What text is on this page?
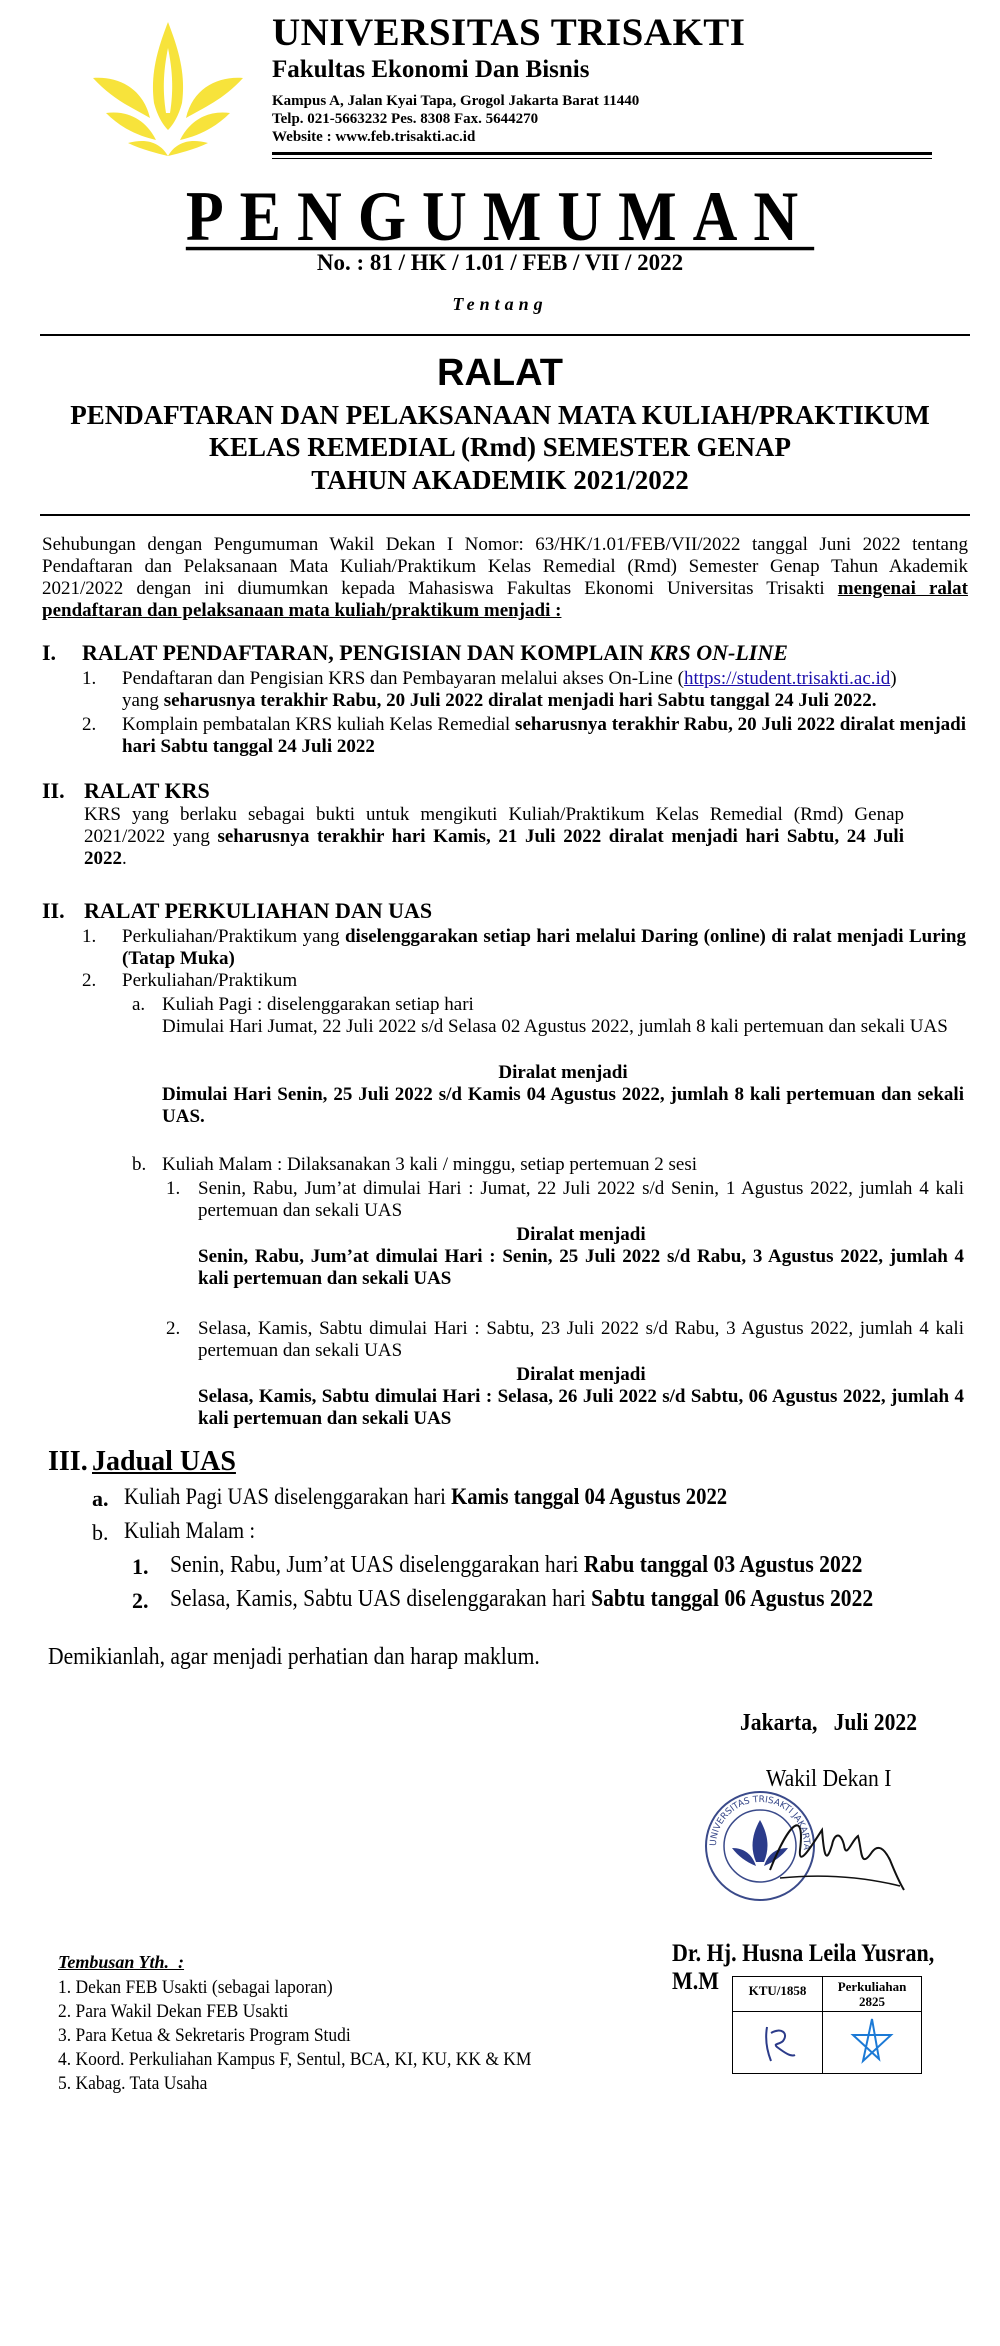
UNIVERSITAS TRISAKTI
Fakultas Ekonomi Dan Bisnis
Kampus A, Jalan Kyai Tapa, Grogol Jakarta Barat 11440
Telp. 021-5663232 Pes. 8308 Fax. 5644270
Website : www.feb.trisakti.ac.id
PENGUMUMAN
No. : 81 / HK / 1.01 / FEB / VII / 2022
Tentang
RALAT
PENDAFTARAN DAN PELAKSANAAN MATA KULIAH/PRAKTIKUM
KELAS REMEDIAL (Rmd) SEMESTER GENAP
TAHUN AKADEMIK 2021/2022
Sehubungan dengan Pengumuman Wakil Dekan I Nomor: 63/HK/1.01/FEB/VII/2022 tanggal Juni 2022 tentang Pendaftaran dan Pelaksanaan Mata Kuliah/Praktikum Kelas Remedial (Rmd) Semester Genap Tahun Akademik 2021/2022 dengan ini diumumkan kepada Mahasiswa Fakultas Ekonomi Universitas Trisakti mengenai ralat pendaftaran dan pelaksanaan mata kuliah/praktikum menjadi :
I. RALAT PENDAFTARAN, PENGISIAN DAN KOMPLAIN KRS ON-LINE
1. Pendaftaran dan Pengisian KRS dan Pembayaran melalui akses On-Line (https://student.trisakti.ac.id)
yang seharusnya terakhir Rabu, 20 Juli 2022 diralat menjadi hari Sabtu tanggal 24 Juli 2022.
2. Komplain pembatalan KRS kuliah Kelas Remedial seharusnya terakhir Rabu, 20 Juli 2022 diralat menjadi hari Sabtu tanggal 24 Juli 2022
II. RALAT KRS
KRS yang berlaku sebagai bukti untuk mengikuti Kuliah/Praktikum Kelas Remedial (Rmd) Genap 2021/2022 yang seharusnya terakhir hari Kamis, 21 Juli 2022 diralat menjadi hari Sabtu, 24 Juli 2022.
II. RALAT PERKULIAHAN DAN UAS
1. Perkuliahan/Praktikum yang diselenggarakan setiap hari melalui Daring (online) di ralat menjadi Luring (Tatap Muka)
2. Perkuliahan/Praktikum
a. Kuliah Pagi : diselenggarakan setiap hari
Dimulai Hari Jumat, 22 Juli 2022 s/d Selasa 02 Agustus 2022, jumlah 8 kali pertemuan dan sekali UAS
Diralat menjadi
Dimulai Hari Senin, 25 Juli 2022 s/d Kamis 04 Agustus 2022, jumlah 8 kali pertemuan dan sekali UAS.
b. Kuliah Malam : Dilaksanakan 3 kali / minggu, setiap pertemuan 2 sesi
1. Senin, Rabu, Jum’at dimulai Hari : Jumat, 22 Juli 2022 s/d Senin, 1 Agustus 2022, jumlah 4 kali pertemuan dan sekali UAS
Diralat menjadi
Senin, Rabu, Jum’at dimulai Hari : Senin, 25 Juli 2022 s/d Rabu, 3 Agustus 2022, jumlah 4 kali pertemuan dan sekali UAS
2. Selasa, Kamis, Sabtu dimulai Hari : Sabtu, 23 Juli 2022 s/d Rabu, 3 Agustus 2022, jumlah 4 kali pertemuan dan sekali UAS
Diralat menjadi
Selasa, Kamis, Sabtu dimulai Hari : Selasa, 26 Juli 2022 s/d Sabtu, 06 Agustus 2022, jumlah 4 kali pertemuan dan sekali UAS
III. Jadual UAS
a. Kuliah Pagi UAS diselenggarakan hari Kamis tanggal 04 Agustus 2022
b. Kuliah Malam :
1. Senin, Rabu, Jum’at UAS diselenggarakan hari Rabu tanggal 03 Agustus 2022
2. Selasa, Kamis, Sabtu UAS diselenggarakan hari Sabtu tanggal 06 Agustus 2022
Demikianlah, agar menjadi perhatian dan harap maklum.
Jakarta,   Juli 2022
Wakil Dekan I
UNIVERSITAS TRISAKTI JAKARTA
Dr. Hj. Husna Leila Yusran, M.M	KTU/1858	Perkuliahan
2825
Tembusan Yth.  :
1. Dekan FEB Usakti (sebagai laporan)
2. Para Wakil Dekan FEB Usakti
3. Para Ketua & Sekretaris Program Studi
4. Koord. Perkuliahan Kampus F, Sentul, BCA, KI, KU, KK & KM
5. Kabag. Tata Usaha
